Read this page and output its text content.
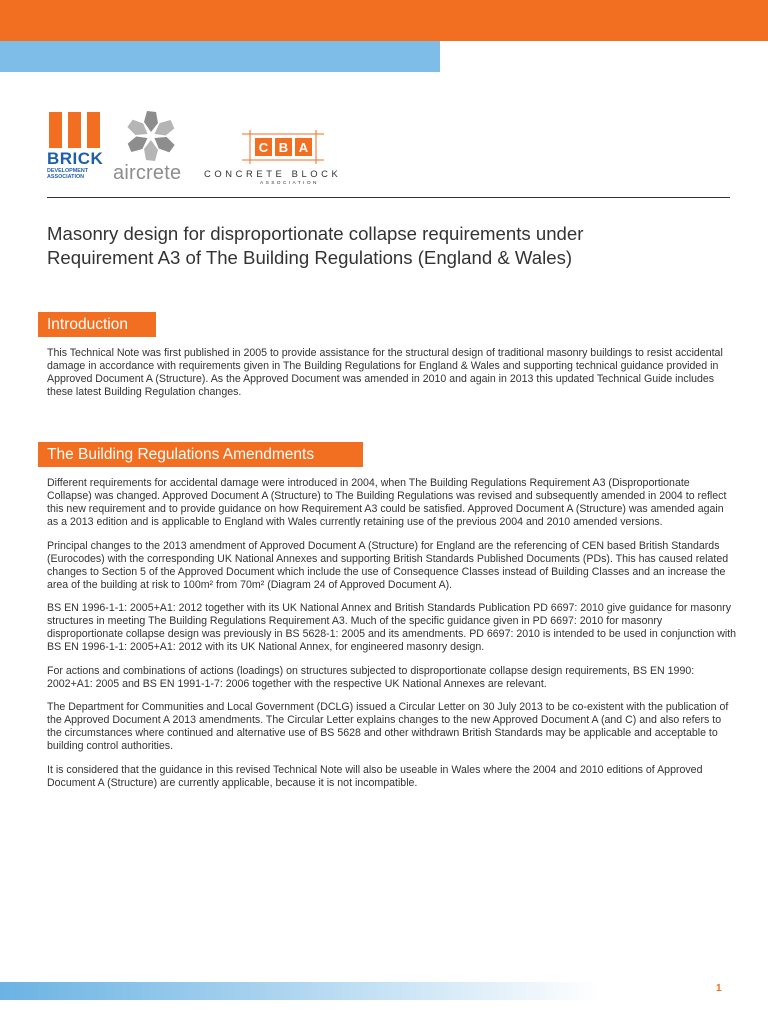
BRICK
DEVELOPMENT
ASSOCIATION	aircrete
C B A
CONCRETE BLOCK
ASSOCIATION
Masonry design for disproportionate collapse requirements under
Requirement A3 of The Building Regulations (England & Wales)
Introduction

This Technical Note was first published in 2005 to provide assistance for the structural design of traditional masonry buildings to resist accidental damage in accordance with requirements given in The Building Regulations for England & Wales and supporting technical guidance provided in Approved Document A (Structure). As the Approved Document was amended in 2010 and again in 2013 this updated Technical Guide includes these latest Building Regulation changes.

The Building Regulations Amendments

Different requirements for accidental damage were introduced in 2004, when The Building Regulations Requirement A3 (Disproportionate Collapse) was changed. Approved Document A (Structure) to The Building Regulations was revised and subsequently amended in 2004 to reflect this new requirement and to provide guidance on how Requirement A3 could be satisfied. Approved Document A (Structure) was amended again as a 2013 edition and is applicable to England with Wales currently retaining use of the previous 2004 and 2010 amended versions.

Principal changes to the 2013 amendment of Approved Document A (Structure) for England are the referencing of CEN based British Standards (Eurocodes) with the corresponding UK National Annexes and supporting British Standards Published Documents (PDs). This has caused related changes to Section 5 of the Approved Document which include the use of Consequence Classes instead of Building Classes and an increase the area of the building at risk to 100m² from 70m² (Diagram 24 of Approved Document A).

BS EN 1996-1-1: 2005+A1: 2012 together with its UK National Annex and British Standards Publication PD 6697: 2010 give guidance for masonry structures in meeting The Building Regulations Requirement A3. Much of the specific guidance given in PD 6697: 2010 for masonry disproportionate collapse design was previously in BS 5628-1: 2005 and its amendments. PD 6697: 2010 is intended to be used in conjunction with BS EN 1996-1-1: 2005+A1: 2012 with its UK National Annex, for engineered masonry design.

For actions and combinations of actions (loadings) on structures subjected to disproportionate collapse design requirements, BS EN 1990: 2002+A1: 2005 and BS EN 1991-1-7: 2006 together with the respective UK National Annexes are relevant.

The Department for Communities and Local Government (DCLG) issued a Circular Letter on 30 July 2013 to be co-existent with the publication of the Approved Document A 2013 amendments. The Circular Letter explains changes to the new Approved Document A (and C) and also refers to the circumstances where continued and alternative use of BS 5628 and other withdrawn British Standards may be applicable and acceptable to building control authorities.

It is considered that the guidance in this revised Technical Note will also be useable in Wales where the 2004 and 2010 editions of Approved Document A (Structure) are currently applicable, because it is not incompatible.

1
